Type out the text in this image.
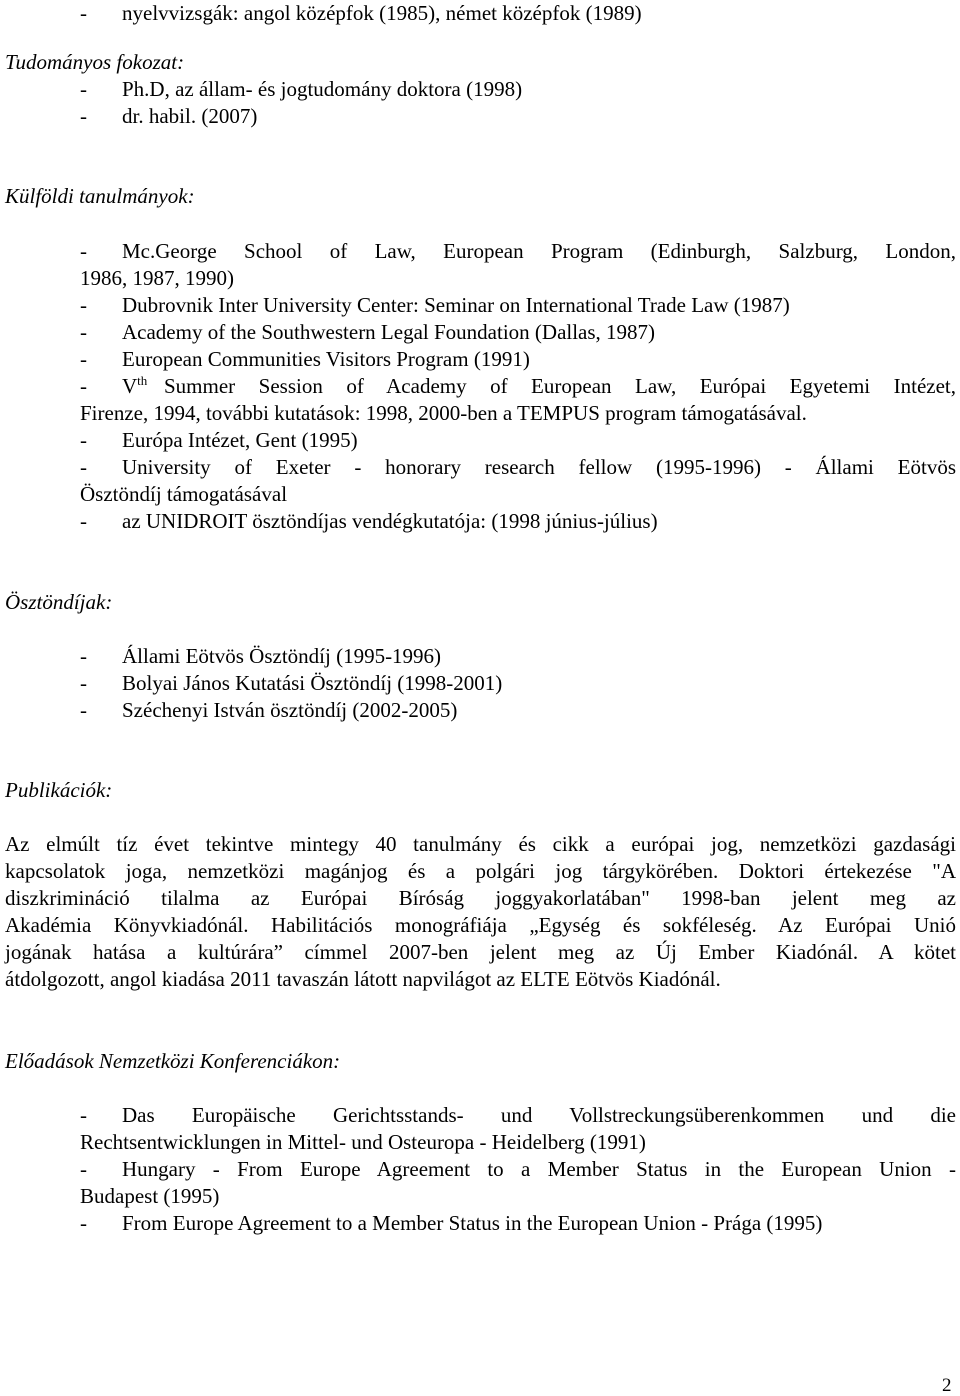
- nyelvvizsgák: angol középfok (1985), német középfok (1989)
Tudományos fokozat:
- Ph.D, az állam- és jogtudomány doktora (1998)
- dr. habil. (2007)
Külföldi tanulmányok:
- Mc.George School of Law, European Program (Edinburgh, Salzburg, London,
1986, 1987, 1990)
- Dubrovnik Inter University Center: Seminar on International Trade Law (1987)
- Academy of the Southwestern Legal Foundation (Dallas, 1987)
- European Communities Visitors Program (1991)
- Vth Summer Session of Academy of European Law, Európai Egyetemi Intézet,
Firenze, 1994, további kutatások: 1998, 2000-ben a TEMPUS program támogatásával.
- Európa Intézet, Gent (1995)
- University of Exeter - honorary research fellow (1995-1996) - Állami Eötvös
Ösztöndíj támogatásával
- az UNIDROIT ösztöndíjas vendégkutatója: (1998 június-július)
Ösztöndíjak:
- Állami Eötvös Ösztöndíj (1995-1996)
- Bolyai János Kutatási Ösztöndíj (1998-2001)
- Széchenyi István ösztöndíj (2002-2005)
Publikációk:
Az elmúlt tíz évet tekintve mintegy 40 tanulmány és cikk a európai jog, nemzetközi gazdasági
kapcsolatok joga, nemzetközi magánjog és a polgári jog tárgykörében. Doktori értekezése "A
diszkrimináció tilalma az Európai Bíróság joggyakorlatában" 1998-ban jelent meg az
Akadémia Könyvkiadónál. Habilitációs monográfiája „Egység és sokféleség. Az Európai Unió
jogának hatása a kultúrára” címmel 2007-ben jelent meg az Új Ember Kiadónál. A kötet
átdolgozott, angol kiadása 2011 tavaszán látott napvilágot az ELTE Eötvös Kiadónál.
Előadások Nemzetközi Konferenciákon:
- Das Europäische Gerichtsstands- und Vollstreckungsüberenkommen und die
Rechtsentwicklungen in Mittel- und Osteuropa - Heidelberg (1991)
- Hungary - From Europe Agreement to a Member Status in the European Union -
Budapest (1995)
- From Europe Agreement to a Member Status in the European Union - Prága (1995)
2
